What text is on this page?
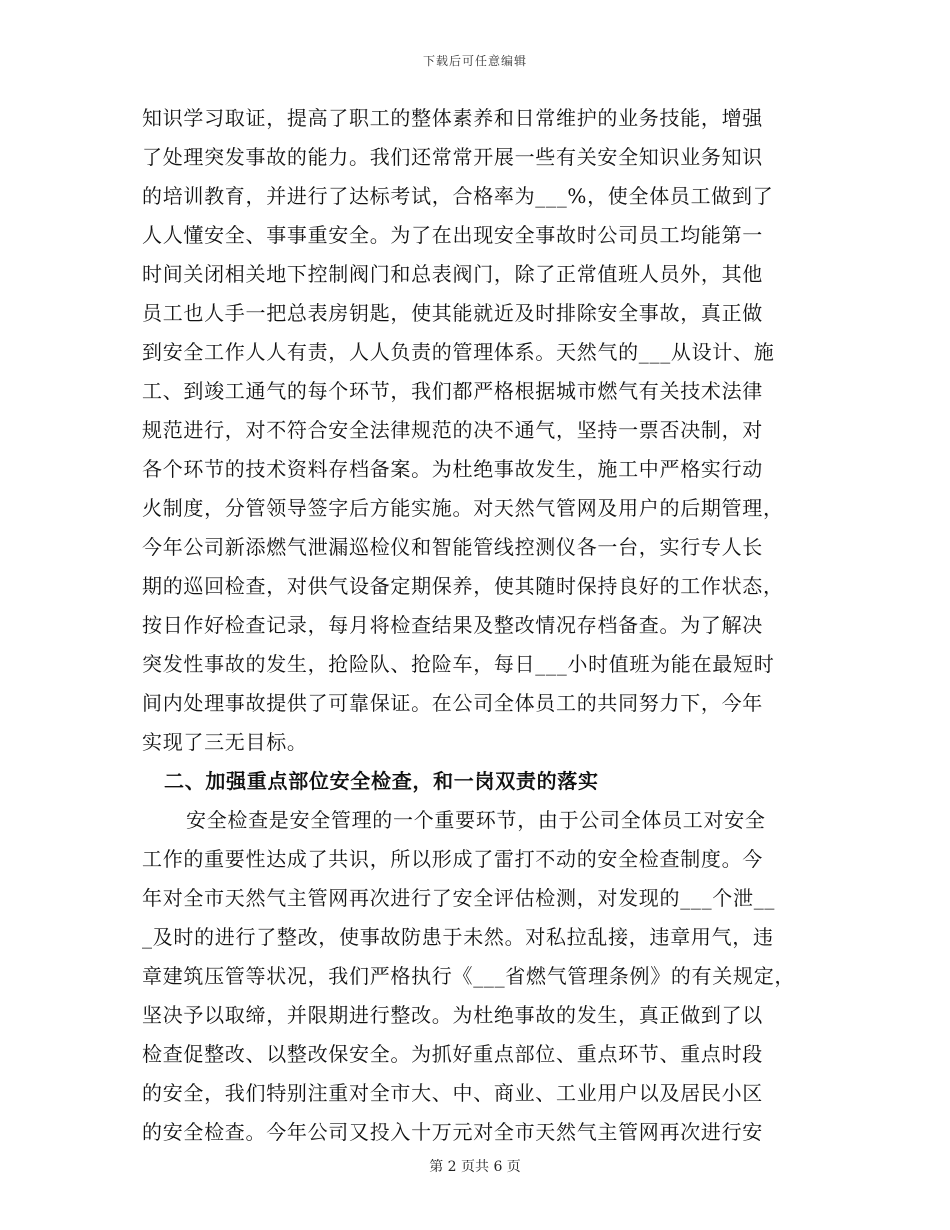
下载后可任意编辑
知识学习取证，提高了职工的整体素养和日常维护的业务技能，增强
了处理突发事故的能力。我们还常常开展一些有关安全知识业务知识
的培训教育，并进行了达标考试，合格率为___%，使全体员工做到了
人人懂安全、事事重安全。为了在出现安全事故时公司员工均能第一
时间关闭相关地下控制阀门和总表阀门，除了正常值班人员外，其他
员工也人手一把总表房钥匙，使其能就近及时排除安全事故，真正做
到安全工作人人有责，人人负责的管理体系。天然气的___从设计、施
工、到竣工通气的每个环节，我们都严格根据城市燃气有关技术法律
规范进行，对不符合安全法律规范的决不通气，坚持一票否决制，对
各个环节的技术资料存档备案。为杜绝事故发生，施工中严格实行动
火制度，分管领导签字后方能实施。对天然气管网及用户的后期管理，
今年公司新添燃气泄漏巡检仪和智能管线控测仪各一台，实行专人长
期的巡回检查，对供气设备定期保养，使其随时保持良好的工作状态，
按日作好检查记录，每月将检查结果及整改情况存档备查。为了解决
突发性事故的发生，抢险队、抢险车，每日___小时值班为能在最短时
间内处理事故提供了可靠保证。在公司全体员工的共同努力下，今年
实现了三无目标。
二、加强重点部位安全检查，和一岗双责的落实
安全检查是安全管理的一个重要环节，由于公司全体员工对安全
工作的重要性达成了共识，所以形成了雷打不动的安全检查制度。今
年对全市天然气主管网再次进行了安全评估检测，对发现的___个泄__
_及时的进行了整改，使事故防患于未然。对私拉乱接，违章用气，违
章建筑压管等状况，我们严格执行《___省燃气管理条例》的有关规定，
坚决予以取缔，并限期进行整改。为杜绝事故的发生，真正做到了以
检查促整改、以整改保安全。为抓好重点部位、重点环节、重点时段
的安全，我们特别注重对全市大、中、商业、工业用户以及居民小区
的安全检查。今年公司又投入十万元对全市天然气主管网再次进行安
第 2 页共 6 页
